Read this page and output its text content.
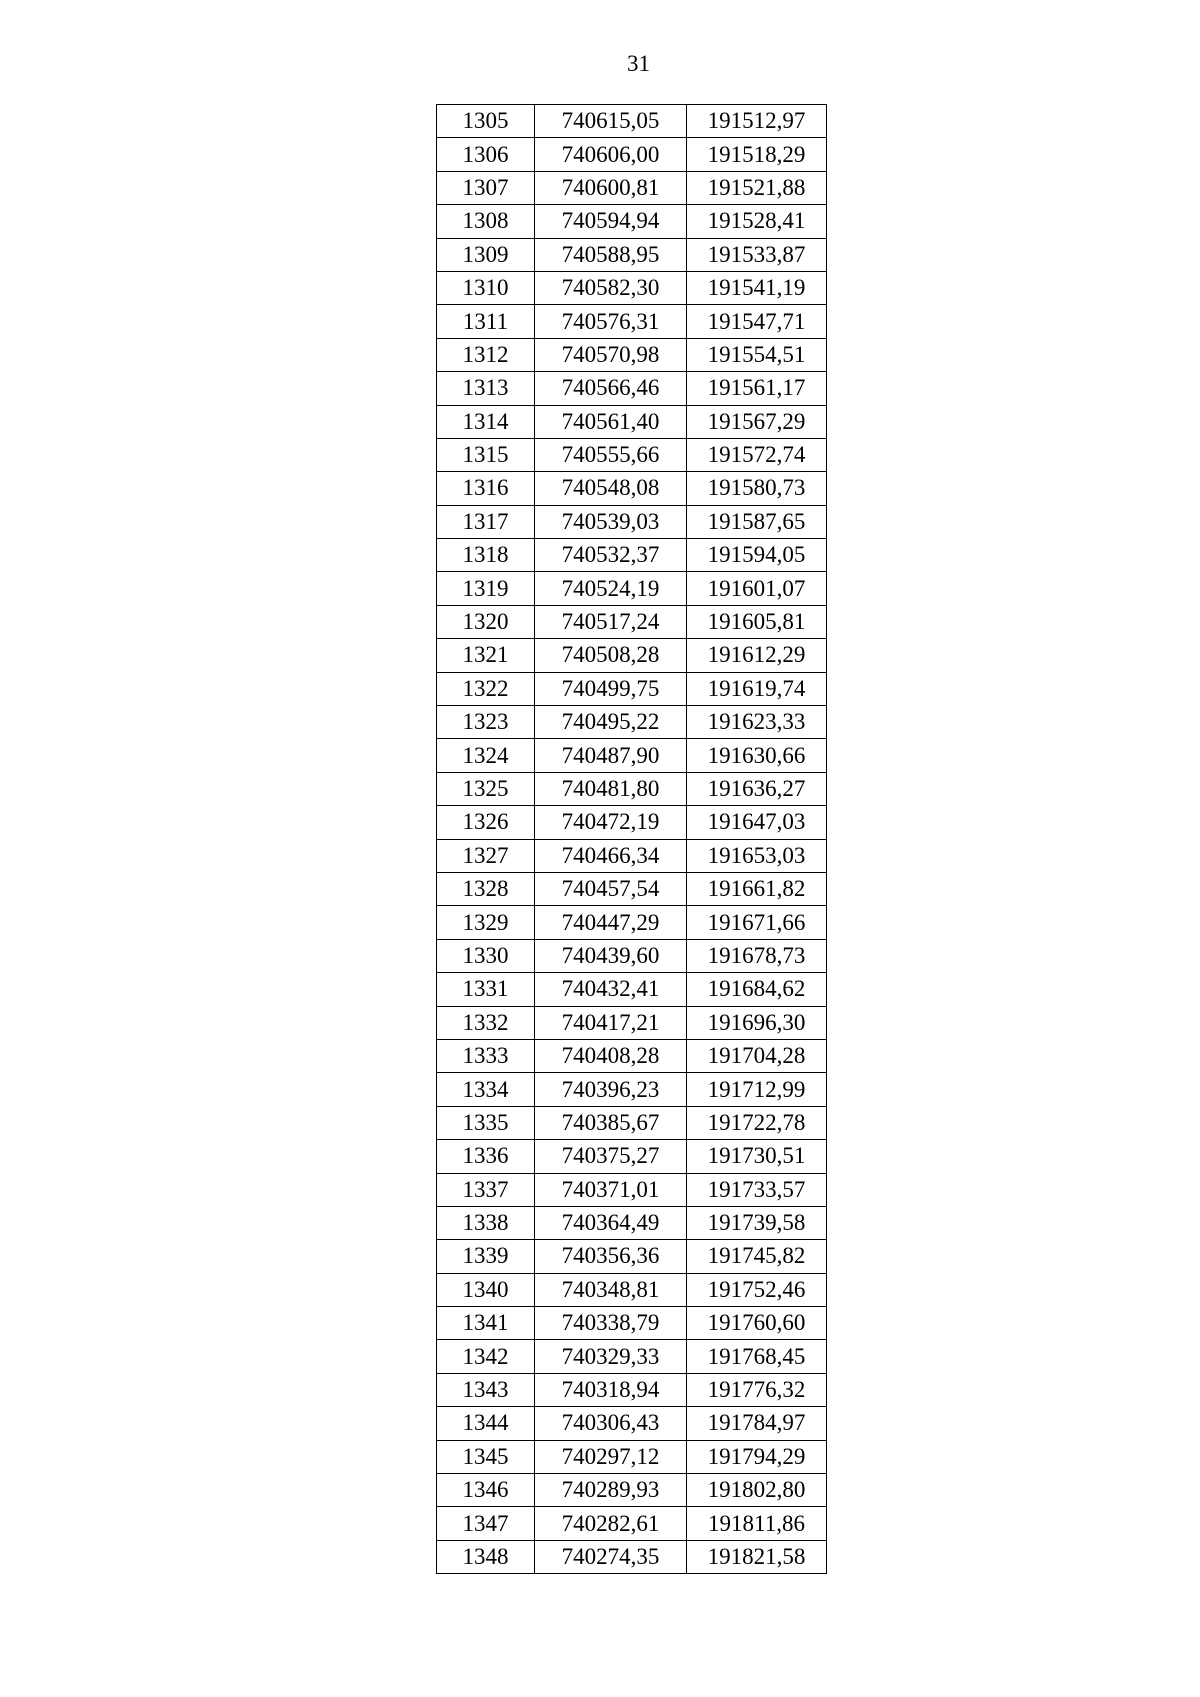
31
1305	740615,05	191512,97
1306	740606,00	191518,29
1307	740600,81	191521,88
1308	740594,94	191528,41
1309	740588,95	191533,87
1310	740582,30	191541,19
1311	740576,31	191547,71
1312	740570,98	191554,51
1313	740566,46	191561,17
1314	740561,40	191567,29
1315	740555,66	191572,74
1316	740548,08	191580,73
1317	740539,03	191587,65
1318	740532,37	191594,05
1319	740524,19	191601,07
1320	740517,24	191605,81
1321	740508,28	191612,29
1322	740499,75	191619,74
1323	740495,22	191623,33
1324	740487,90	191630,66
1325	740481,80	191636,27
1326	740472,19	191647,03
1327	740466,34	191653,03
1328	740457,54	191661,82
1329	740447,29	191671,66
1330	740439,60	191678,73
1331	740432,41	191684,62
1332	740417,21	191696,30
1333	740408,28	191704,28
1334	740396,23	191712,99
1335	740385,67	191722,78
1336	740375,27	191730,51
1337	740371,01	191733,57
1338	740364,49	191739,58
1339	740356,36	191745,82
1340	740348,81	191752,46
1341	740338,79	191760,60
1342	740329,33	191768,45
1343	740318,94	191776,32
1344	740306,43	191784,97
1345	740297,12	191794,29
1346	740289,93	191802,80
1347	740282,61	191811,86
1348	740274,35	191821,58
